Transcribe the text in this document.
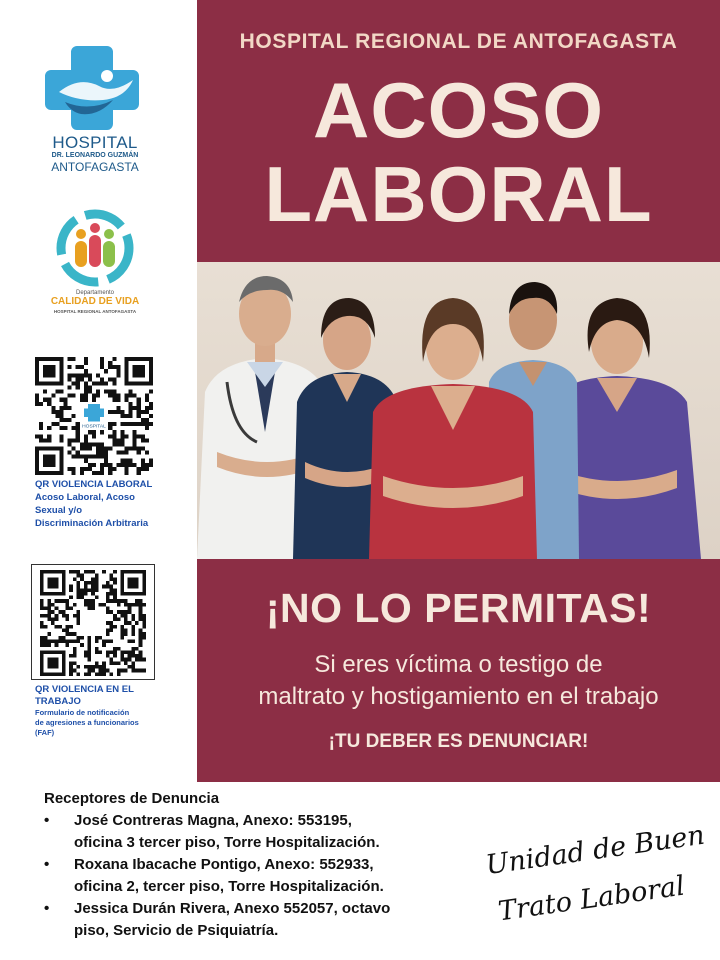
HOSPITAL
DR. LEONARDO GUZMÁN
ANTOFAGASTA
Departamento
CALIDAD DE VIDA
HOSPITAL REGIONAL ANTOFAGASTA
HOSPITAL
QR VIOLENCIA LABORAL
Acoso Laboral, Acoso
Sexual y/o
Discriminación Arbitraria
QR VIOLENCIA EN EL
TRABAJO
Formulario de notificación
de agresiones a funcionarios
(FAF)
HOSPITAL REGIONAL DE ANTOFAGASTA
ACOSO
LABORAL
¡NO LO PERMITAS!
Si eres víctima o testigo de
maltrato y hostigamiento en el trabajo
¡TU DEBER ES DENUNCIAR!
Receptores de Denuncia
• José Contreras Magna, Anexo: 553195,
oficina 3 tercer piso, Torre Hospitalización.
• Roxana Ibacache Pontigo, Anexo: 552933,
oficina 2, tercer piso, Torre Hospitalización.
• Jessica Durán Rivera, Anexo 552057, octavo
piso, Servicio de Psiquiatría.
Unidad de Buen
Trato Laboral
